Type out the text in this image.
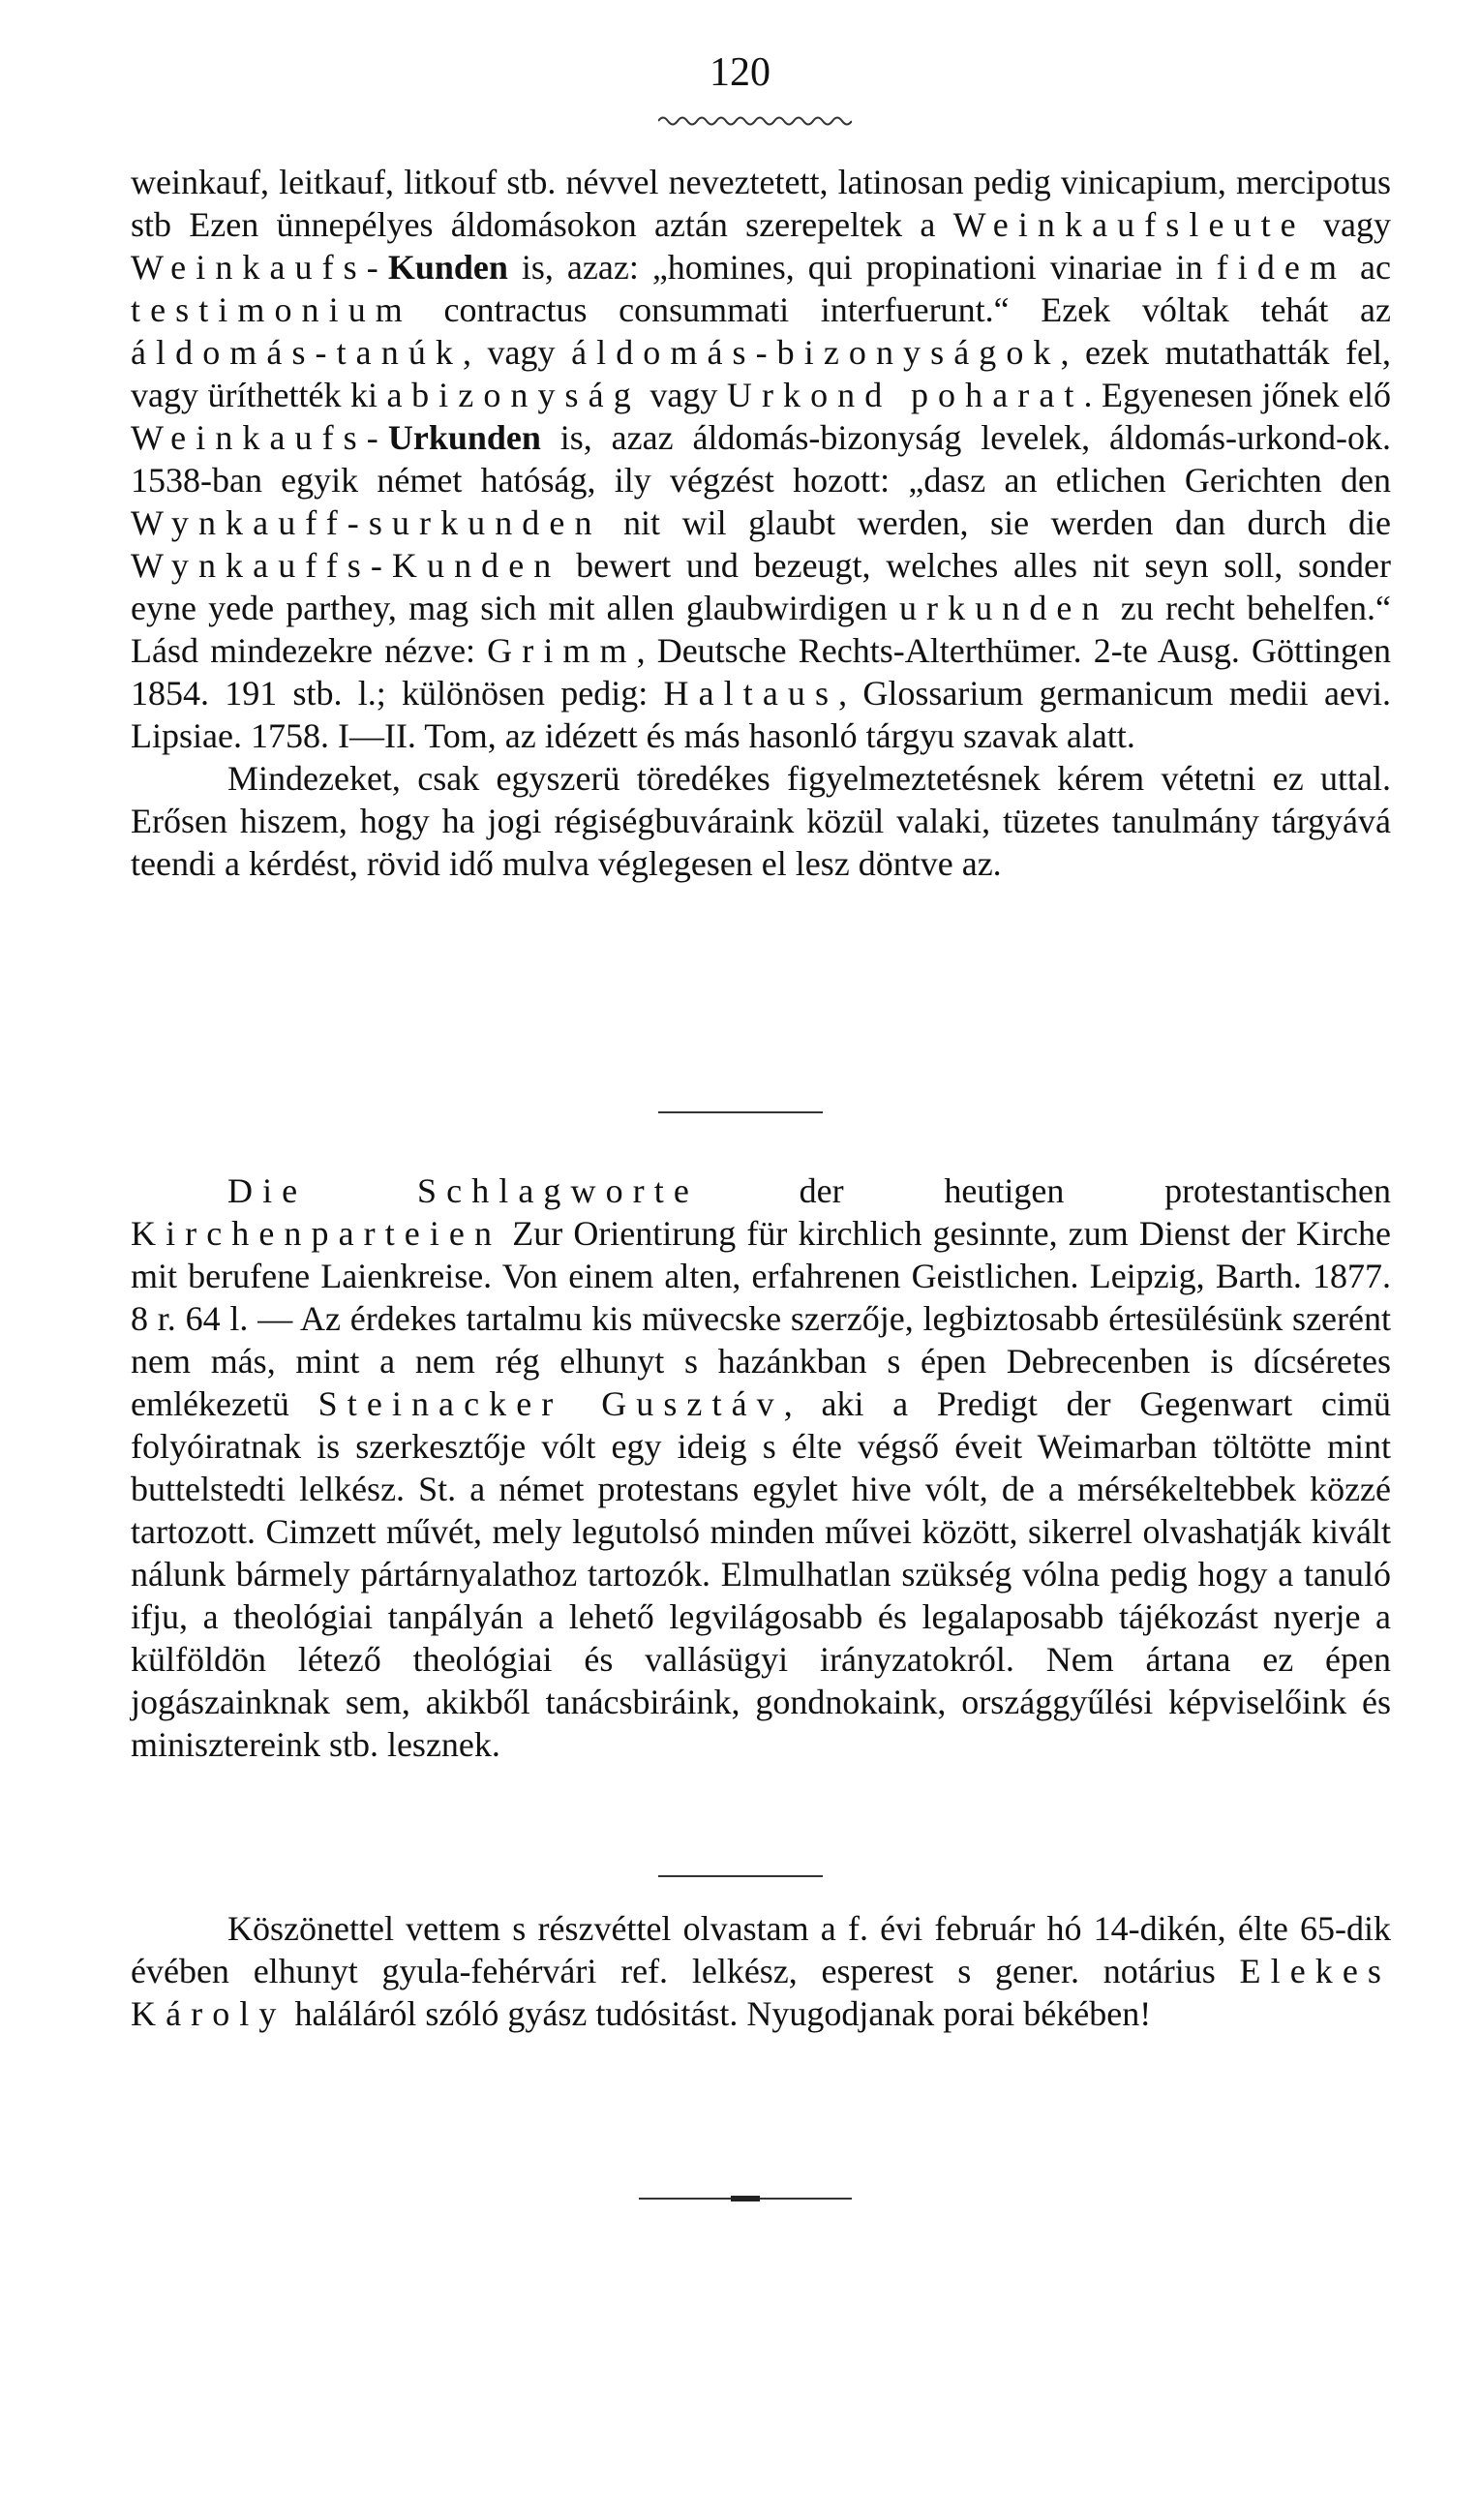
120

weinkauf, leitkauf, litkouf stb. névvel neveztetett, latinosan pedig vinicapium, mercipotus stb Ezen ünnepélyes áldomásokon aztán szerepeltek a Weinkaufsleute vagy Weinkaufs-Kunden is, azaz: „homines, qui propinationi vinariae in fidem ac testimonium contractus consummati interfuerunt.“ Ezek vóltak tehát az áldomás-tanúk, vagy áldomás-bizonyságok, ezek mutathatták fel, vagy üríthették ki a bizonyság vagy Urkond poharat. Egyenesen jőnek elő Weinkaufs-Urkunden is, azaz áldomás-bizonyság levelek, áldomás-urkond-ok. 1538-ban egyik német hatóság, ily végzést hozott: „dasz an etlichen Gerichten den Wynkauff-surkunden nit wil glaubt werden, sie werden dan durch die Wynkauffs-Kunden bewert und bezeugt, welches alles nit seyn soll, sonder eyne yede parthey, mag sich mit allen glaubwirdigen urkunden zu recht behelfen.“ Lásd mindezekre nézve: Grimm, Deutsche Rechts-Alterthümer. 2-te Ausg. Göttingen 1854. 191 stb. l.; különösen pedig: Haltaus, Glossarium germanicum medii aevi. Lipsiae. 1758. I—II. Tom, az idézett és más hasonló tárgyu szavak alatt.

Mindezeket, csak egyszerü töredékes figyelmeztetésnek kérem vétetni ez uttal. Erősen hiszem, hogy ha jogi régiségbuváraink közül valaki, tüzetes tanulmány tárgyává teendi a kérdést, rövid idő mulva véglegesen el lesz döntve az.

Die Schlagworte der heutigen protestantischen Kirchenparteien Zur Orientirung für kirchlich gesinnte, zum Dienst der Kirche mit berufene Laienkreise. Von einem alten, erfahrenen Geistlichen. Leipzig, Barth. 1877. 8 r. 64 l. — Az érdekes tartalmu kis müvecske szerzője, legbiztosabb értesülésünk szerént nem más, mint a nem rég elhunyt s hazánkban s épen Debrecenben is dícséretes emlékezetü Steinacker Gusztáv, aki a Predigt der Gegenwart cimü folyóiratnak is szerkesztője vólt egy ideig s élte végső éveit Weimarban töltötte mint buttelstedti lelkész. St. a német protestans egylet hive vólt, de a mérsékeltebbek közzé tartozott. Cimzett művét, mely legutolsó minden művei között, sikerrel olvashatják kivált nálunk bármely pártárnyalathoz tartozók. Elmulhatlan szükség vólna pedig hogy a tanuló ifju, a theológiai tanpályán a lehető legvilágosabb és legalaposabb tájékozást nyerje a külföldön létező theológiai és vallásügyi irányzatokról. Nem ártana ez épen jogászainknak sem, akikből tanácsbiráink, gondnokaink, országgyűlési képviselőink és minisztereink stb. lesznek.

Köszönettel vettem s részvéttel olvastam a f. évi február hó 14-dikén, élte 65-dik évében elhunyt gyula-fehérvári ref. lelkész, esperest s gener. notárius Elekes Károly haláláról szóló gyász tudósitást. Nyugodjanak porai békében!
